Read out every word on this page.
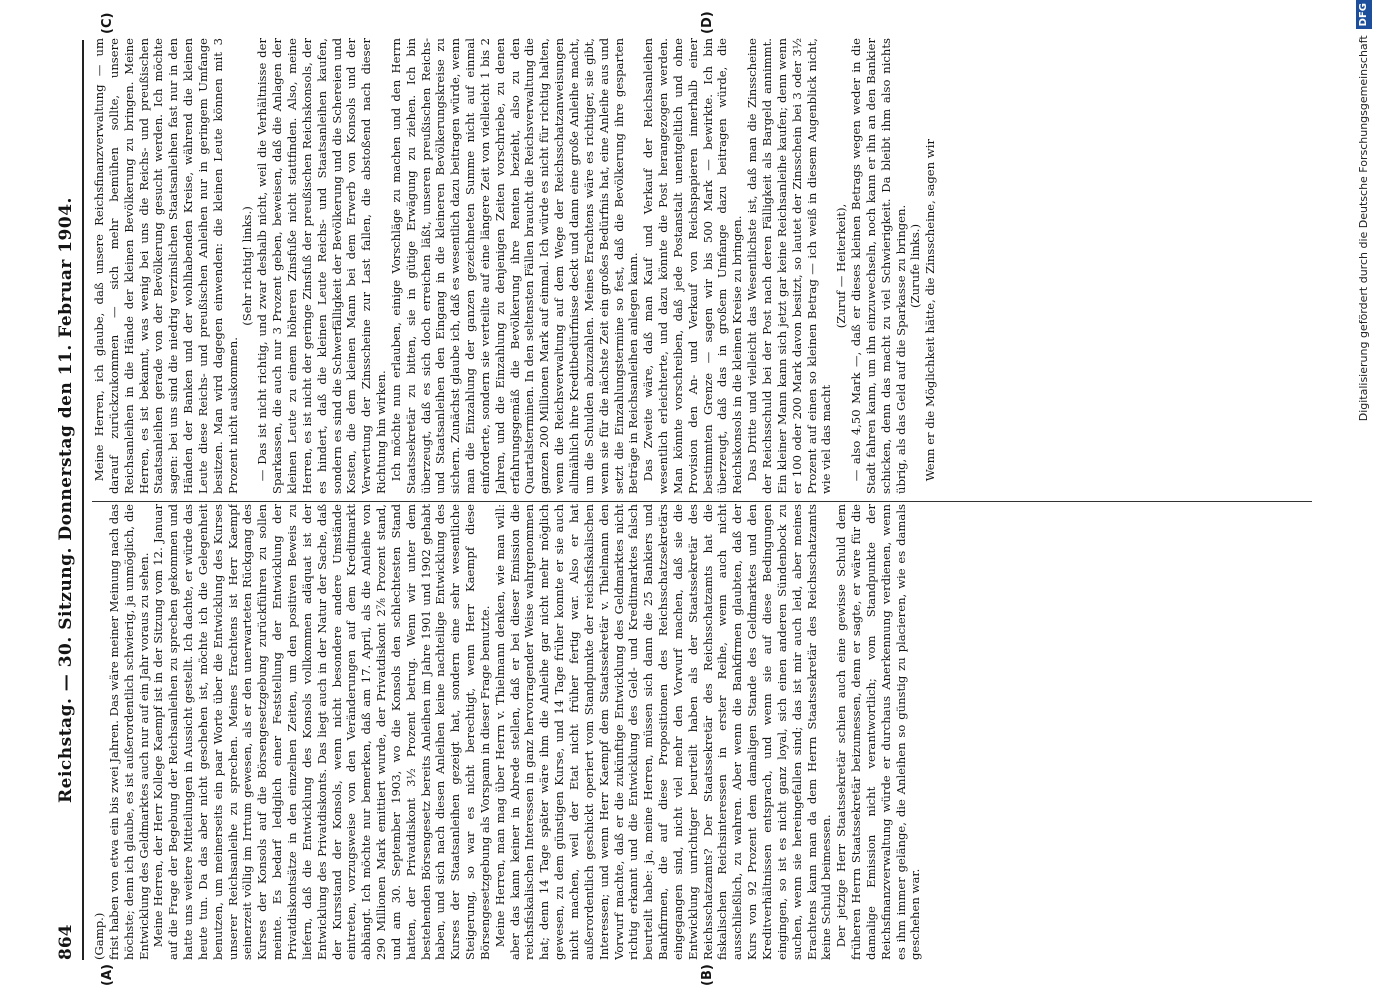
864
Reichstag. — 30. Sitzung. Donnerstag den 11. Februar 1904.
(A)	(B)
(C)	(D)

(Gamp.) frist haben von etwa ein bis zwei Jahren. Das wäre meiner Meinung nach das höchste; denn ich glaube, es ist außerordentlich schwierig, ja unmöglich, die Entwicklung des Geldmarktes auch nur auf ein Jahr voraus zu sehen. Meine Herren, der Herr Kollege Kaempf ist in der Sitzung vom 12. Januar auf die Frage der Begebung der Reichsanleihen zu sprechen gekommen und hatte uns weitere Mitteilungen in Aussicht gestellt. Ich dachte, er würde das heute tun. Da das aber nicht geschehen ist, möchte ich die Gelegenheit benutzen, um meinerseits ein paar Worte über die Entwicklung des Kurses unserer Reichsanleihe zu sprechen. Meines Erachtens ist Herr Kaempf seinerzeit völlig im Irrtum gewesen, als er den unerwarteten Rückgang des Kurses der Konsols auf die Börsengesetzgebung zurückführen zu sollen meinte. Es bedarf lediglich einer Feststellung der Entwicklung der Privatdiskontsätze in den einzelnen Zeiten, um den positiven Beweis zu liefern, daß die Entwicklung des Konsols vollkommen adäquat ist der Entwicklung des Privatdiskonts. Das liegt auch in der Natur der Sache, daß der Kursstand der Konsols, wenn nicht besondere andere Umstände eintreten, vorzugsweise von den Veränderungen auf dem Kreditmarkt abhängt. Ich möchte nur bemerken, daß am 17. April, als die Anleihe von 290 Millionen Mark emittiert wurde, der Privatdiskont 2⅞ Prozent stand, und am 30. September 1903, wo die Konsols den schlechtesten Stand hatten, der Privatdiskont 3½ Prozent betrug. Wenn wir unter dem bestehenden Börsengesetz bereits Anleihen im Jahre 1901 und 1902 gehabt haben, und sich nach diesen Anleihen keine nachteilige Entwicklung des Kurses der Staatsanleihen gezeigt hat, sondern eine sehr wesentliche Steigerung, so war es nicht berechtigt, wenn Herr Kaempf diese Börsengesetzgebung als Vorspann in dieser Frage benutzte. Meine Herren, man mag über Herrn v. Thielmann denken, wie man will: aber das kann keiner in Abrede stellen, daß er bei dieser Emission die reichsfiskalischen Interessen in ganz hervorragender Weise wahrgenommen hat; denn 14 Tage später wäre ihm die Anleihe gar nicht mehr möglich gewesen, zu dem günstigen Kurse, und 14 Tage früher konnte er sie auch nicht machen, weil der Etat nicht früher fertig war. Also er hat außerordentlich geschickt operiert vom Standpunkte der reichsfiskalischen Interessen; und wenn Herr Kaempf dem Staatssekretär v. Thielmann den Vorwurf machte, daß er die zukünftige Entwicklung des Geldmarktes nicht richtig erkannt und die Entwicklung des Geld- und Kreditmarktes falsch beurteilt habe: ja, meine Herren, müssen sich dann die 25 Bankiers und Bankfirmen, die auf diese Propositionen des Reichsschatzsekretärs eingegangen sind, nicht viel mehr den Vorwurf machen, daß sie die Entwicklung unrichtiger beurteilt haben als der Staatssekretär des Reichsschatzamts? Der Staatssekretär des Reichsschatzamts hat die fiskalischen Reichsinteressen in erster Reihe, wenn auch nicht ausschließlich, zu wahren. Aber wenn die Bankfirmen glaubten, daß der Kurs von 92 Prozent dem damaligen Stande des Geldmarktes und den Kreditverhältnissen entsprach, und wenn sie auf diese Bedingungen eingingen, so ist es nicht ganz loyal, sich einen anderen Sündenbock zu suchen, wenn sie hereingefallen sind; das ist mir auch leid, aber meines Erachtens kann man da dem Herrn Staatssekretär des Reichsschatzamts keine Schuld beimessen. Der jetzige Herr Staatssekretär schien auch eine gewisse Schuld dem früheren Herrn Staatssekretär beizumessen, denn er sagte, er wäre für die damalige Emission nicht verantwortlich; vom Standpunkte der Reichsfinanzverwaltung würde er durchaus Anerkennung verdienen, wenn es ihm immer gelänge, die Anleihen so günstig zu placieren, wie es damals geschehen war.

Meine Herren, ich glaube, daß unsere Reichsfinanzverwaltung — um darauf zurückzukommen — sich mehr bemühen sollte, unsere Reichsanleihen in die Hände der kleinen Bevölkerung zu bringen. Meine Herren, es ist bekannt, was wenig bei uns die Reichs- und preußischen Staatsanleihen gerade von der Bevölkerung gesucht werden. Ich möchte sagen: bei uns sind die niedrig verzinslichen Staatsanleihen fast nur in den Händen der Banken und der wohlhabenden Kreise, während die kleinen Leute diese Reichs- und preußischen Anleihen nur in geringem Umfange besitzen. Man wird dagegen einwenden: die kleinen Leute können mit 3 Prozent nicht auskommen.

(Sehr richtig! links.) — Das ist nicht richtig, und zwar deshalb nicht, weil die Verhältnisse der Sparkassen, die auch nur 3 Prozent geben, beweisen, daß die Anlagen der kleinen Leute zu einem höheren Zinsfuße nicht stattfinden. Also, meine Herren, es ist nicht der geringe Zinsfuß der preußischen Reichskonsols, der es hindert, daß die kleinen Leute Reichs- und Staatsanleihen kaufen, sondern es sind die Schwerfälligkeit der Bevölkerung und die Schereien und Kosten, die dem kleinen Mann bei dem Erwerb von Konsols und der Verwertung der Zinsscheine zur Last fallen, die abstoßend nach dieser Richtung hin wirken. Ich möchte nun erlauben, einige Vorschläge zu machen und den Herrn Staatssekretär zu bitten, sie in gütige Erwägung zu ziehen. Ich bin überzeugt, daß es sich doch erreichen läßt, unseren preußischen Reichs- und Staatsanleihen den Eingang in die kleineren Bevölkerungskreise zu sichern. Zunächst glaube ich, daß es wesentlich dazu beitragen würde, wenn man die Einzahlung der ganzen gezeichneten Summe nicht auf einmal einforderte, sondern sie verteilte auf eine längere Zeit von vielleicht 1 bis 2 Jahren, und die Einzahlung zu denjenigen Zeiten vorschriebe, zu denen erfahrungsgemäß die Bevölkerung ihre Renten bezieht, also zu den Quartalsterminen. In den seltensten Fällen braucht die Reichsverwaltung die ganzen 200 Millionen Mark auf einmal. Ich würde es nicht für richtig halten, wenn die Reichsverwaltung auf dem Wege der Reichsschatzanweisungen allmählich ihre Kreditbedürfnisse deckt und dann eine große Anleihe macht, um die Schulden abzuzahlen. Meines Erachtens wäre es richtiger, sie gibt, wenn sie für die nächste Zeit ein großes Bedürfnis hat, eine Anleihe aus und setzt die Einzahlungstermine so fest, daß die Bevölkerung ihre gesparten Beträge in Reichsanleihen anlegen kann. Das Zweite wäre, daß man Kauf und Verkauf der Reichsanleihen wesentlich erleichterte, und dazu könnte die Post herangezogen werden. Man könnte vorschreiben, daß jede Postanstalt unentgeltlich und ohne Provision den An- und Verkauf von Reichspapieren innerhalb einer bestimmten Grenze — sagen wir bis 500 Mark — bewirkte. Ich bin überzeugt, daß das in großem Umfange dazu beitragen würde, die Reichskonsols in die kleinen Kreise zu bringen. Das Dritte und vielleicht das Wesentlichste ist, daß man die Zinsscheine der Reichsschuld bei der Post nach deren Fälligkeit als Bargeld annimmt. Ein kleiner Mann kann sich jetzt gar keine Reichsanleihe kaufen; denn wenn er 100 oder 200 Mark davon besitzt, so lautet der Zinsschein bei 3 oder 3½ Prozent auf einen so kleinen Betrag — ich weiß in diesem Augenblick nicht, wie viel das macht

(Zuruf — Heiterkeit), — also 4,50 Mark —, daß er dieses kleinen Betrags wegen weder in die Stadt fahren kann, um ihn einzuwechseln, noch kann er ihn an den Bankier schicken, denn das macht zu viel Schwierigkeit. Da bleibt ihm also nichts übrig, als das Geld auf die Sparkasse zu bringen. (Zurufe links.) Wenn er die Möglichkeit hätte, die Zinsscheine, sagen wir	Digitalisierung gefördert durch die Deutsche ForschungsgemeinschaftDFG
